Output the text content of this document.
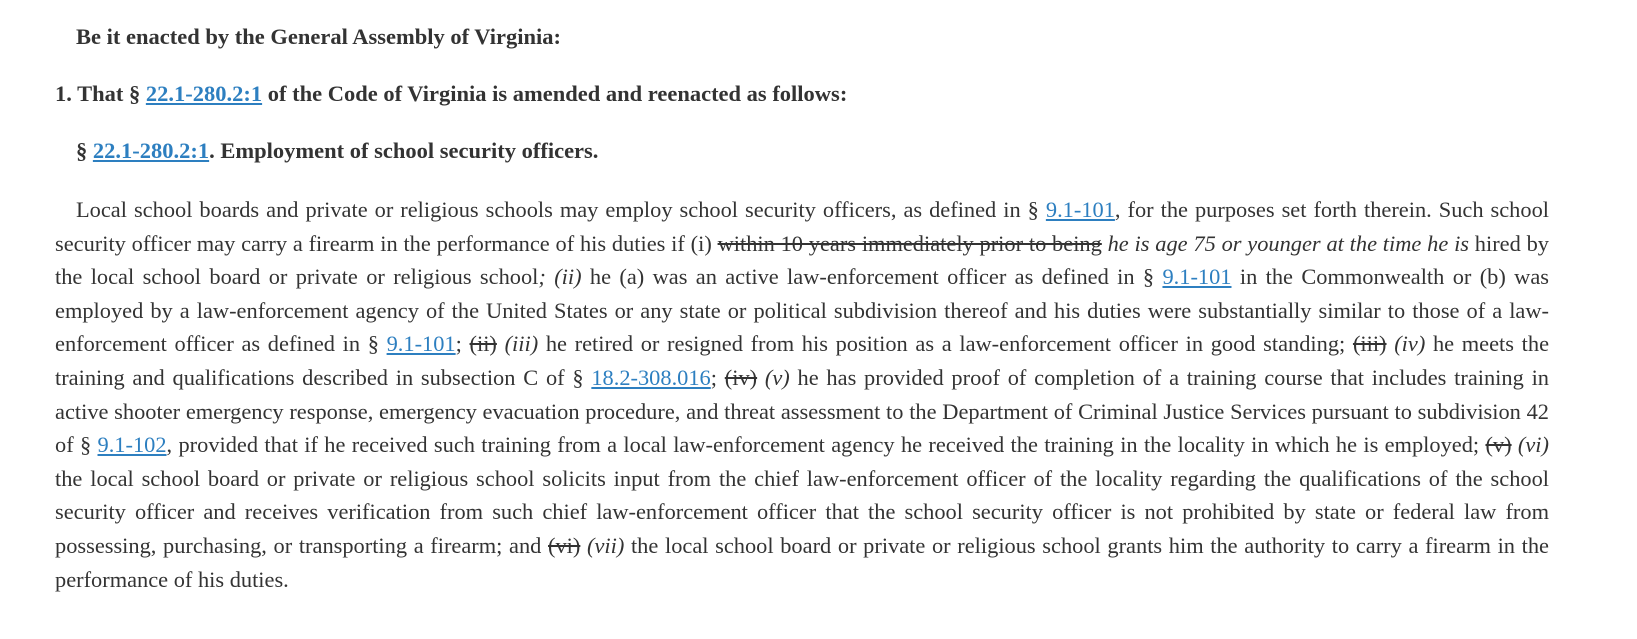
Be it enacted by the General Assembly of Virginia:

1. That § 22.1-280.2:1 of the Code of Virginia is amended and reenacted as follows:

§ 22.1-280.2:1. Employment of school security officers.

Local school boards and private or religious schools may employ school security officers, as defined in § 9.1-101, for the purposes set forth therein. Such school security officer may carry a firearm in the performance of his duties if (i) within 10 years immediately prior to being he is age 75 or younger at the time he is hired by the local school board or private or religious school; (ii) he (a) was an active law-enforcement officer as defined in § 9.1-101 in the Commonwealth or (b) was employed by a law-enforcement agency of the United States or any state or political subdivision thereof and his duties were substantially similar to those of a law-enforcement officer as defined in § 9.1-101; (ii) (iii) he retired or resigned from his position as a law-enforcement officer in good standing; (iii) (iv) he meets the training and qualifications described in subsection C of § 18.2-308.016; (iv) (v) he has provided proof of completion of a training course that includes training in active shooter emergency response, emergency evacuation procedure, and threat assessment to the Department of Criminal Justice Services pursuant to subdivision 42 of § 9.1-102, provided that if he received such training from a local law-enforcement agency he received the training in the locality in which he is employed; (v) (vi) the local school board or private or religious school solicits input from the chief law-enforcement officer of the locality regarding the qualifications of the school security officer and receives verification from such chief law-enforcement officer that the school security officer is not prohibited by state or federal law from possessing, purchasing, or transporting a firearm; and (vi) (vii) the local school board or private or religious school grants him the authority to carry a firearm in the performance of his duties.
